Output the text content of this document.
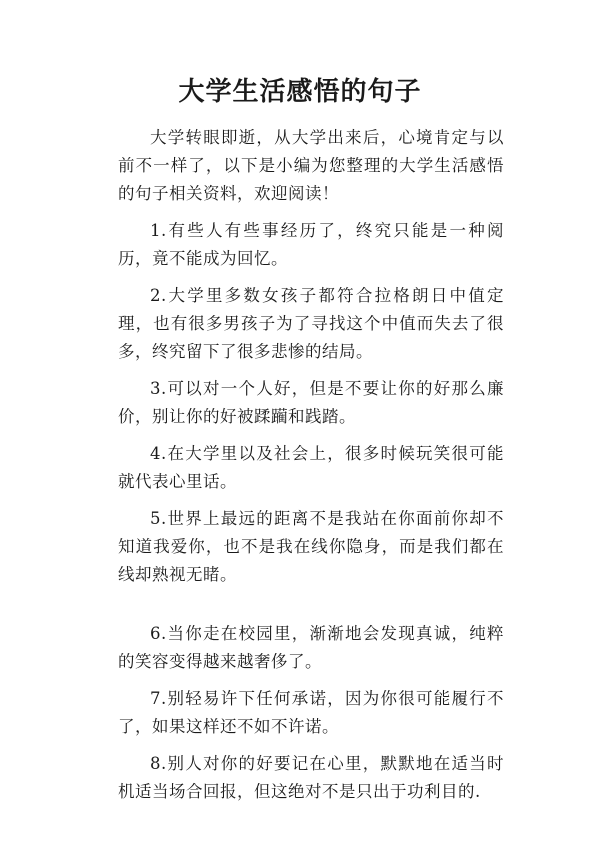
大学生活感悟的句子

大学转眼即逝，从大学出来后，心境肯定与以前不一样了，以下是小编为您整理的大学生活感悟的句子相关资料，欢迎阅读！

1.有些人有些事经历了，终究只能是一种阅历，竟不能成为回忆。

2.大学里多数女孩子都符合拉格朗日中值定理，也有很多男孩子为了寻找这个中值而失去了很多，终究留下了很多悲惨的结局。

3.可以对一个人好，但是不要让你的好那么廉价，别让你的好被蹂躏和践踏。

4.在大学里以及社会上，很多时候玩笑很可能就代表心里话。

5.世界上最远的距离不是我站在你面前你却不知道我爱你，也不是我在线你隐身，而是我们都在线却熟视无睹。

6.当你走在校园里，渐渐地会发现真诚，纯粹的笑容变得越来越奢侈了。

7.别轻易许下任何承诺，因为你很可能履行不了，如果这样还不如不许诺。

8.别人对你的好要记在心里，默默地在适当时机适当场合回报，但这绝对不是只出于功利目的.
